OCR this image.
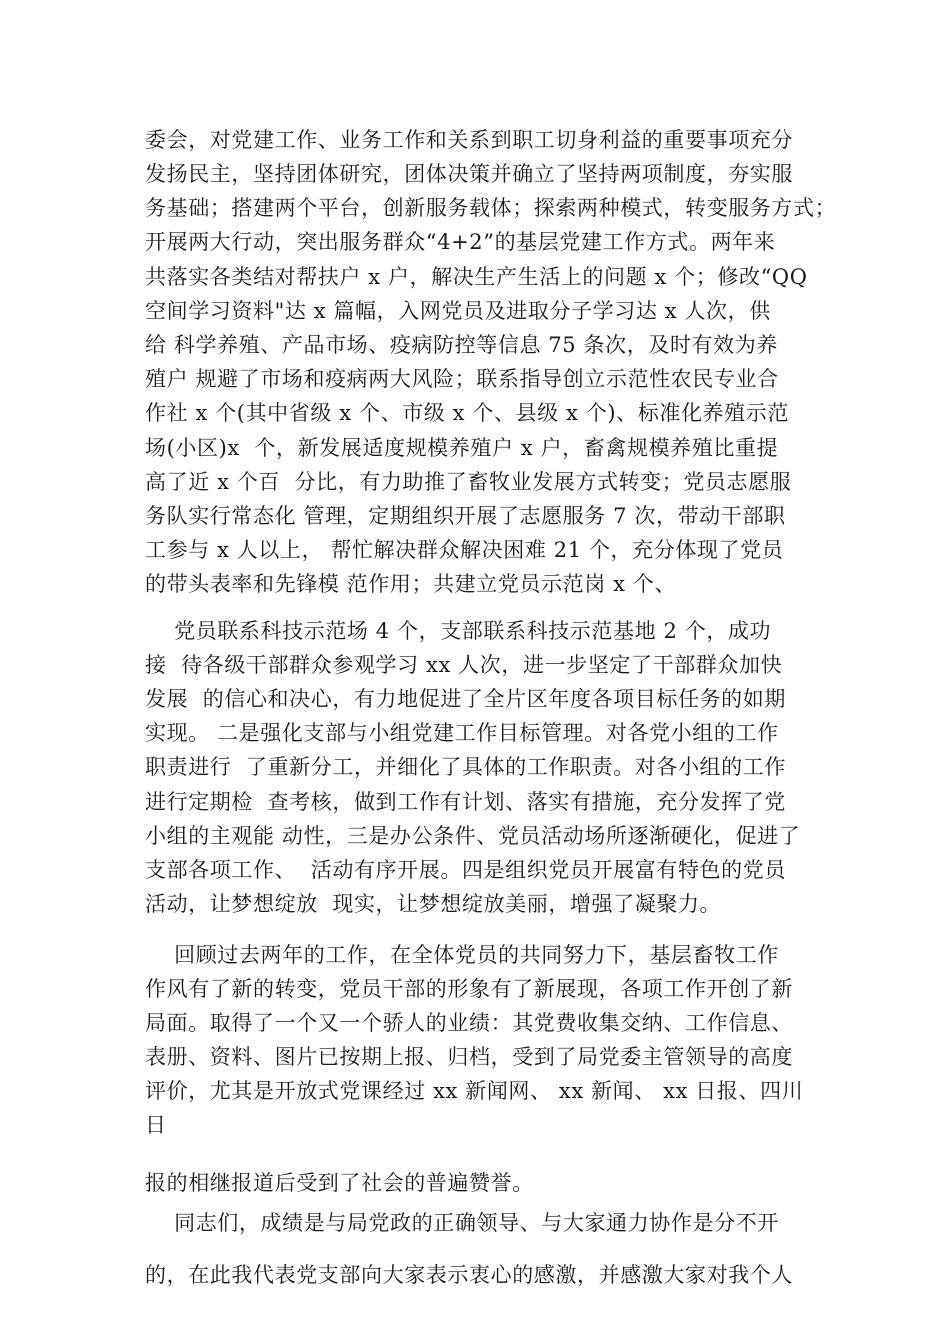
委会，对党建工作、业务工作和关系到职工切身利益的重要事项充分
发扬民主，坚持团体研究，团体决策并确立了坚持两项制度，夯实服
务基础；搭建两个平台，创新服务载体；探索两种模式，转变服务方式；
开展两大行动，突出服务群众“4+2”的基层党建工作方式。两年来
共落实各类结对帮扶户 x 户，解决生产生活上的问题 x 个；修改“QQ
空间学习资料"达 x 篇幅，入网党员及进取分子学习达 x 人次，供
给 科学养殖、产品市场、疫病防控等信息 75 条次，及时有效为养
殖户 规避了市场和疫病两大风险；联系指导创立示范性农民专业合
作社 x 个(其中省级 x 个、市级 x 个、县级 x 个)、标准化养殖示范
场(小区)x  个，新发展适度规模养殖户 x 户，畜禽规模养殖比重提
高了近 x 个百  分比，有力助推了畜牧业发展方式转变；党员志愿服
务队实行常态化 管理，定期组织开展了志愿服务 7 次，带动干部职
工参与 x 人以上， 帮忙解决群众解决困难 21 个，充分体现了党员
的带头表率和先锋模 范作用；共建立党员示范岗 x 个、
党员联系科技示范场 4 个，支部联系科技示范基地 2 个，成功
接  待各级干部群众参观学习 xx 人次，进一步坚定了干部群众加快
发展  的信心和决心，有力地促进了全片区年度各项目标任务的如期
实现。 二是强化支部与小组党建工作目标管理。对各党小组的工作
职责进行  了重新分工，并细化了具体的工作职责。对各小组的工作
进行定期检  查考核，做到工作有计划、落实有措施，充分发挥了党
小组的主观能 动性，三是办公条件、党员活动场所逐渐硬化，促进了
支部各项工作、  活动有序开展。四是组织党员开展富有特色的党员
活动，让梦想绽放  现实，让梦想绽放美丽，增强了凝聚力。
回顾过去两年的工作，在全体党员的共同努力下，基层畜牧工作
作风有了新的转变，党员干部的形象有了新展现，各项工作开创了新
局面。取得了一个又一个骄人的业绩：其党费收集交纳、工作信息、
表册、资料、图片已按期上报、归档，受到了局党委主管领导的高度
评价，尤其是开放式党课经过 xx 新闻网、 xx 新闻、 xx 日报、四川
日
报的相继报道后受到了社会的普遍赞誉。
同志们，成绩是与局党政的正确领导、与大家通力协作是分不开
的，在此我代表党支部向大家表示衷心的感激，并感激大家对我个人
